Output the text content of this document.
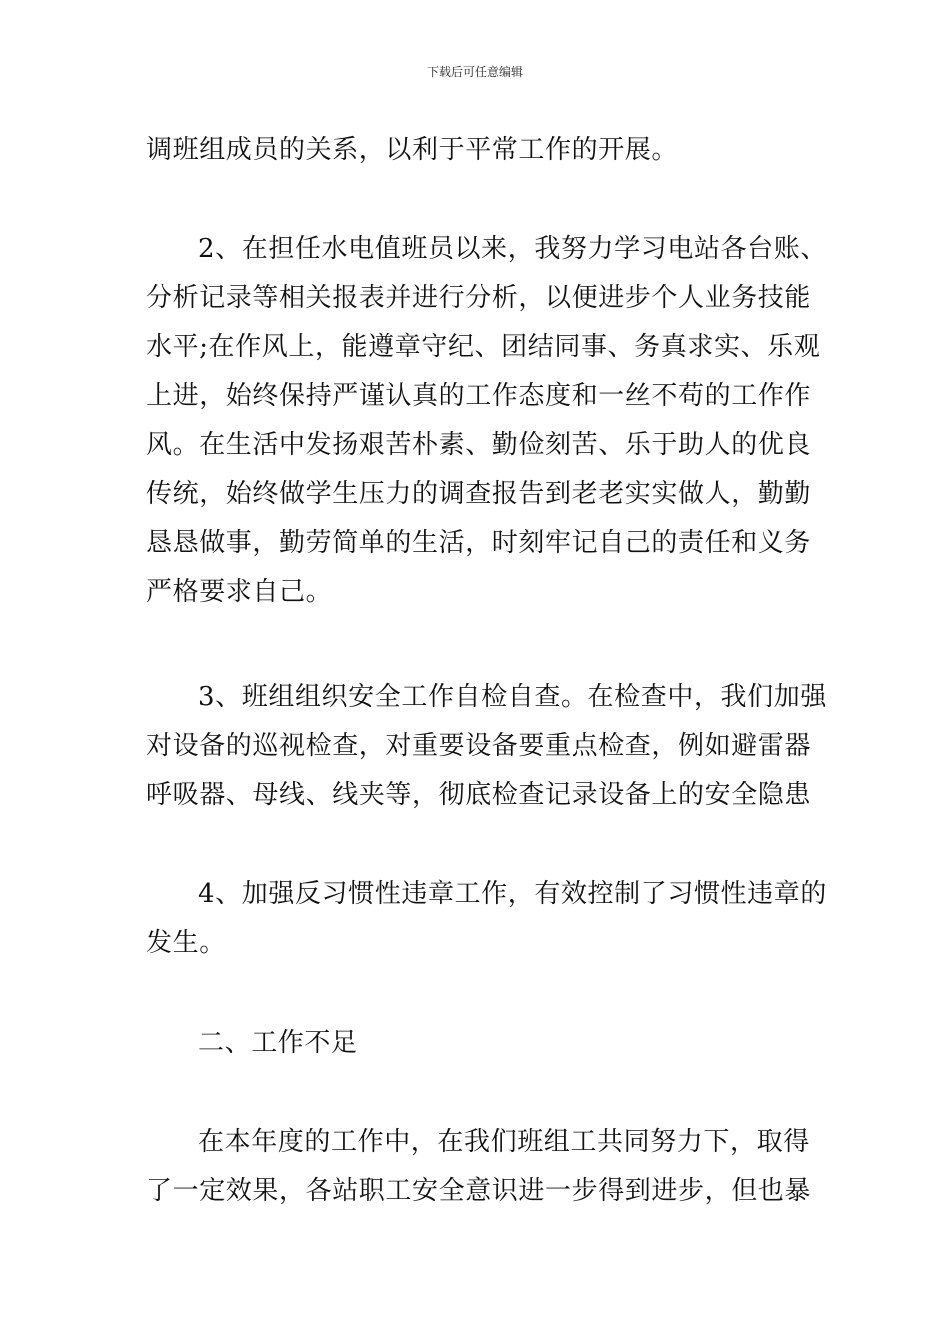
下载后可任意编辑
调班组成员的关系，以利于平常工作的开展。
2、在担任水电值班员以来，我努力学习电站各台账、
分析记录等相关报表并进行分析，以便进步个人业务技能
水平;在作风上，能遵章守纪、团结同事、务真求实、乐观
上进，始终保持严谨认真的工作态度和一丝不苟的工作作
风。在生活中发扬艰苦朴素、勤俭刻苦、乐于助人的优良
传统，始终做学生压力的调查报告到老老实实做人，勤勤
恳恳做事，勤劳简单的生活，时刻牢记自己的责任和义务
严格要求自己。
3、班组组织安全工作自检自查。在检查中，我们加强
对设备的巡视检查，对重要设备要重点检查，例如避雷器
呼吸器、母线、线夹等，彻底检查记录设备上的安全隐患
4、加强反习惯性违章工作，有效控制了习惯性违章的
发生。
二、工作不足
在本年度的工作中，在我们班组工共同努力下，取得
了一定效果，各站职工安全意识进一步得到进步，但也暴
